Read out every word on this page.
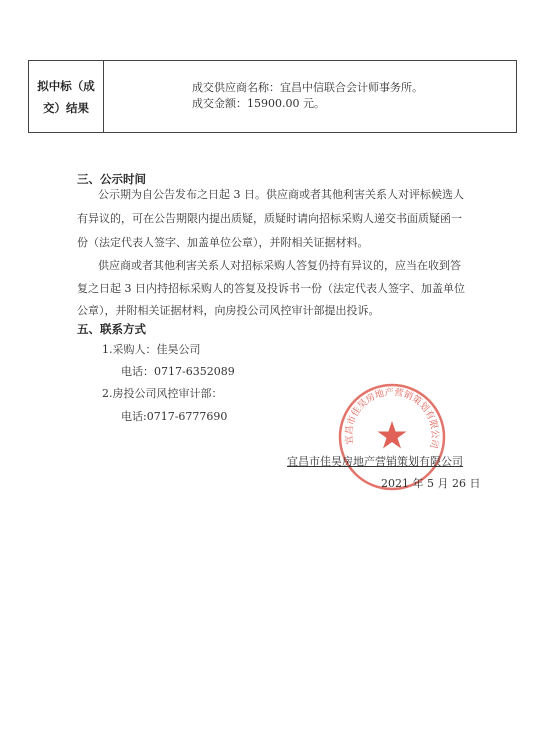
拟中标（成
交）结果
成交供应商名称：宜昌中信联合会计师事务所。
成交金额：15900.00 元。
三、公示时间
公示期为自公告发布之日起 3 日。供应商或者其他利害关系人对评标候选人
有异议的，可在公告期限内提出质疑，质疑时请向招标采购人递交书面质疑函一
份（法定代表人签字、加盖单位公章），并附相关证据材料。
供应商或者其他利害关系人对招标采购人答复仍持有异议的，应当在收到答
复之日起 3 日内持招标采购人的答复及投诉书一份（法定代表人签字、加盖单位
公章），并附相关证据材料，向房投公司风控审计部提出投诉。
五、联系方式
1.采购人：佳昊公司
电话：0717-6352089
2.房投公司风控审计部：
电话:0717-6777690
宜昌市佳昊房地产营销策划有限公司
宜昌市佳昊房地产营销策划有限公司
2021 年 5 月 26 日
